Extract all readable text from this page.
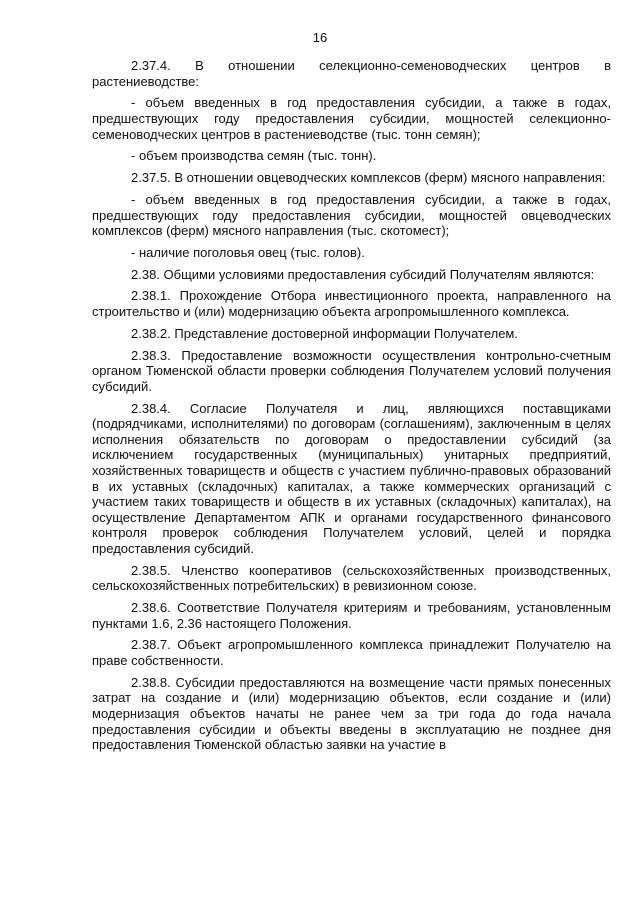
16

2.37.4. В отношении селекционно-семеноводческих центров в растениеводстве:

- объем введенных в год предоставления субсидии, а также в годах, предшествующих году предоставления субсидии, мощностей селекционно-семеноводческих центров в растениеводстве (тыс. тонн семян);

- объем производства семян (тыс. тонн).

2.37.5. В отношении овцеводческих комплексов (ферм) мясного направления:

- объем введенных в год предоставления субсидии, а также в годах, предшествующих году предоставления субсидии, мощностей овцеводческих комплексов (ферм) мясного направления (тыс. скотомест);

- наличие поголовья овец (тыс. голов).

2.38. Общими условиями предоставления субсидий Получателям являются:

2.38.1. Прохождение Отбора инвестиционного проекта, направленного на строительство и (или) модернизацию объекта агропромышленного комплекса.

2.38.2. Представление достоверной информации Получателем.

2.38.3. Предоставление возможности осуществления контрольно-счетным органом Тюменской области проверки соблюдения Получателем условий получения субсидий.

2.38.4. Согласие Получателя и лиц, являющихся поставщиками (подрядчиками, исполнителями) по договорам (соглашениям), заключенным в целях исполнения обязательств по договорам о предоставлении субсидий (за исключением государственных (муниципальных) унитарных предприятий, хозяйственных товариществ и обществ с участием публично-правовых образований в их уставных (складочных) капиталах, а также коммерческих организаций с участием таких товариществ и обществ в их уставных (складочных) капиталах), на осуществление Департаментом АПК и органами государственного финансового контроля проверок соблюдения Получателем условий, целей и порядка предоставления субсидий.

2.38.5. Членство кооперативов (сельскохозяйственных производственных, сельскохозяйственных потребительских) в ревизионном союзе.

2.38.6. Соответствие Получателя критериям и требованиям, установленным пунктами 1.6, 2.36 настоящего Положения.

2.38.7. Объект агропромышленного комплекса принадлежит Получателю на праве собственности.

2.38.8. Субсидии предоставляются на возмещение части прямых понесенных затрат на создание и (или) модернизацию объектов, если создание и (или) модернизация объектов начаты не ранее чем за три года до года начала предоставления субсидии и объекты введены в эксплуатацию не позднее дня предоставления Тюменской областью заявки на участие в
